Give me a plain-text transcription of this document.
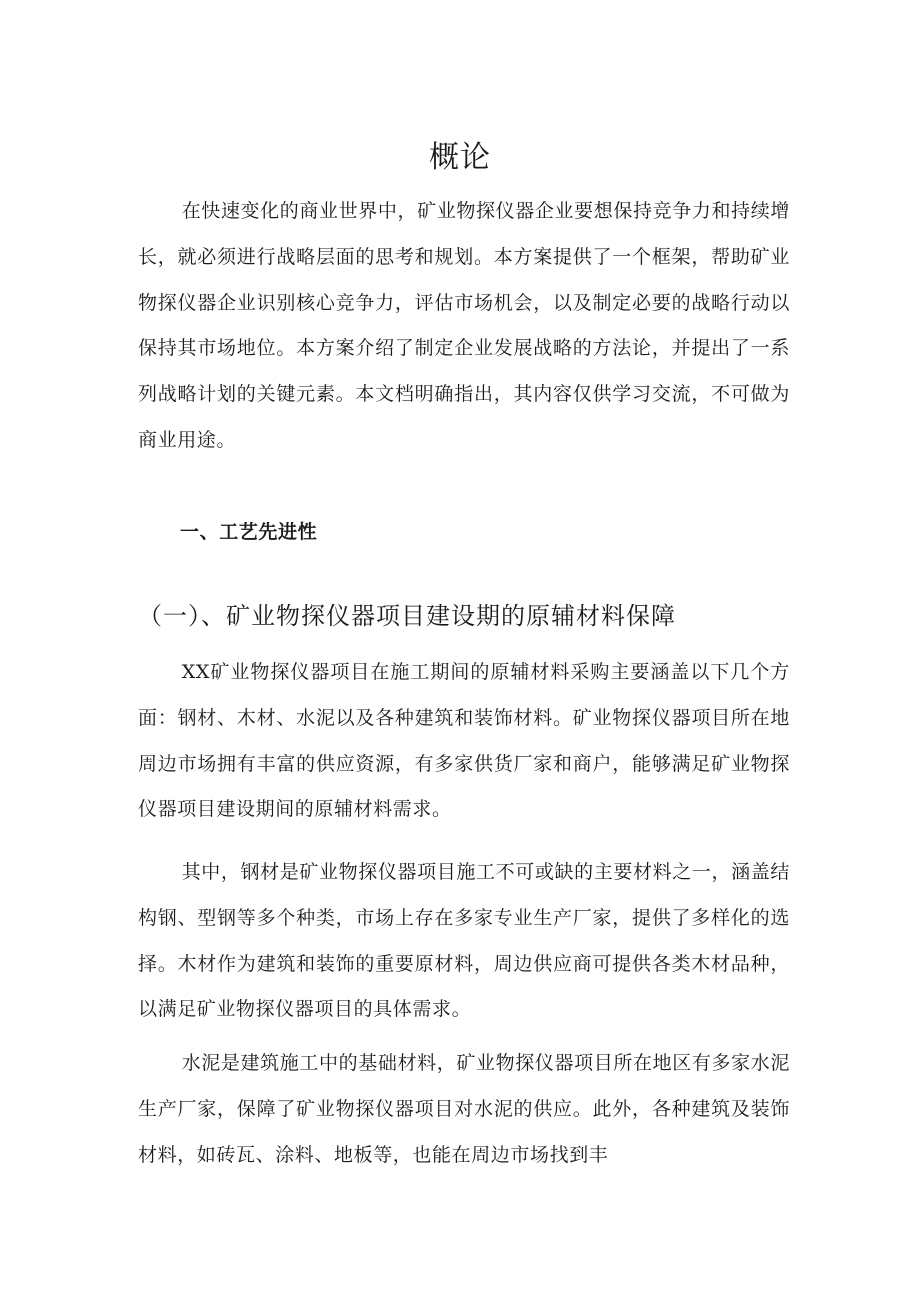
概论

在快速变化的商业世界中，矿业物探仪器企业要想保持竞争力和持续增长，就必须进行战略层面的思考和规划。本方案提供了一个框架，帮助矿业物探仪器企业识别核心竞争力，评估市场机会，以及制定必要的战略行动以保持其市场地位。本方案介绍了制定企业发展战略的方法论，并提出了一系列战略计划的关键元素。本文档明确指出，其内容仅供学习交流，不可做为商业用途。

一、工艺先进性
（一）、矿业物探仪器项目建设期的原辅材料保障

XX矿业物探仪器项目在施工期间的原辅材料采购主要涵盖以下几个方面：钢材、木材、水泥以及各种建筑和装饰材料。矿业物探仪器项目所在地周边市场拥有丰富的供应资源，有多家供货厂家和商户，能够满足矿业物探仪器项目建设期间的原辅材料需求。

其中，钢材是矿业物探仪器项目施工不可或缺的主要材料之一，涵盖结构钢、型钢等多个种类，市场上存在多家专业生产厂家，提供了多样化的选择。木材作为建筑和装饰的重要原材料，周边供应商可提供各类木材品种，以满足矿业物探仪器项目的具体需求。

水泥是建筑施工中的基础材料，矿业物探仪器项目所在地区有多家水泥生产厂家，保障了矿业物探仪器项目对水泥的供应。此外，各种建筑及装饰材料，如砖瓦、涂料、地板等，也能在周边市场找到丰
